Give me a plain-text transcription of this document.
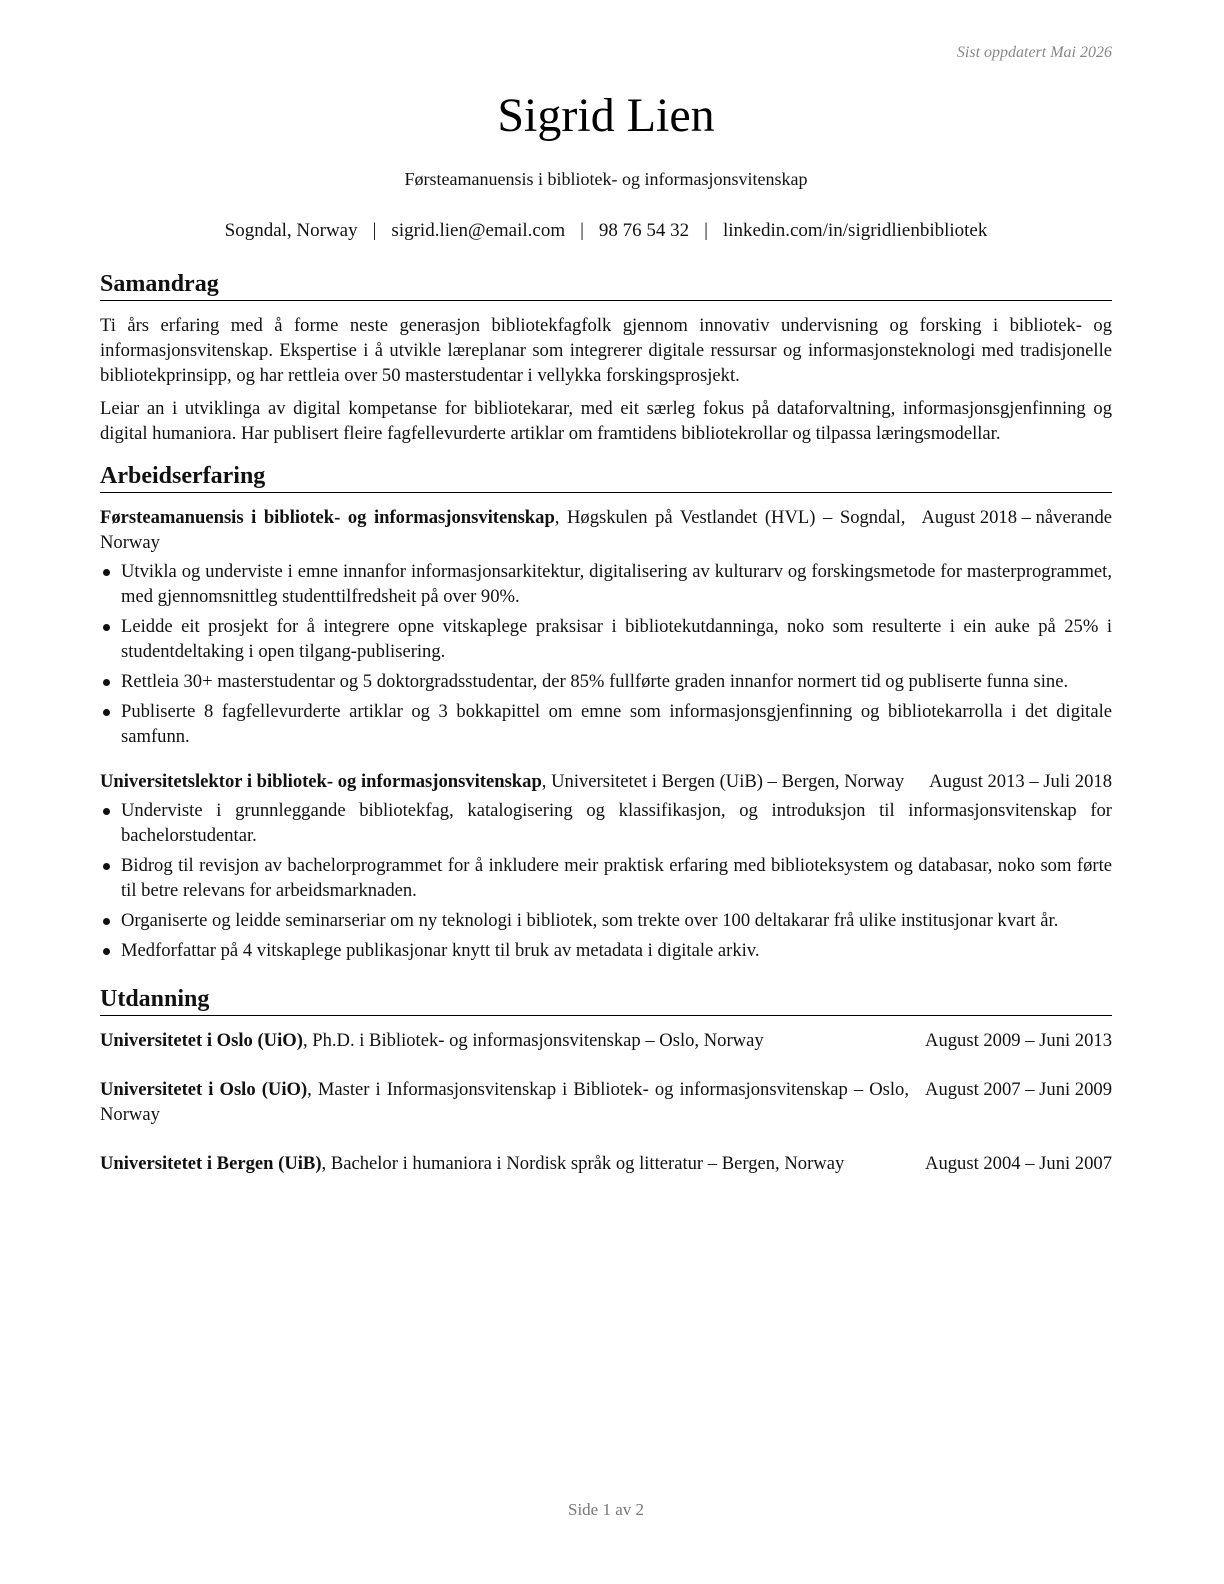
Sist oppdatert Mai 2026
Sigrid Lien
Førsteamanuensis i bibliotek- og informasjonsvitenskap
Sogndal, Norway | sigrid.lien@email.com | 98 76 54 32 | linkedin.com/in/sigridlienbibliotek
Samandrag

Ti års erfaring med å forme neste generasjon bibliotekfagfolk gjennom innovativ undervisning og forsking i bibliotek- og informasjonsvitenskap. Ekspertise i å utvikle læreplanar som integrerer digitale ressursar og informasjonsteknologi med tradisjonelle bibliotekprinsipp, og har rettleia over 50 masterstudentar i vellykka forskingsprosjekt.

Leiar an i utviklinga av digital kompetanse for bibliotekarar, med eit særleg fokus på dataforvaltning, informasjonsgjenfinning og digital humaniora. Har publisert fleire fagfellevurderte artiklar om framtidens bibliotekrollar og tilpassa læringsmodellar.

Arbeidserfaring
Førsteamanuensis i bibliotek- og informasjonsvitenskap, Høgskulen på Vestlandet (HVL) – Sogndal, Norway
August 2018 – nåverande
Utvikla og underviste i emne innanfor informasjonsarkitektur, digitalisering av kulturarv og forskingsmetode for masterprogrammet, med gjennomsnittleg studenttilfredsheit på over 90%.
Leidde eit prosjekt for å integrere opne vitskaplege praksisar i bibliotekutdanninga, noko som resulterte i ein auke på 25% i studentdeltaking i open tilgang-publisering.
Rettleia 30+ masterstudentar og 5 doktorgradsstudentar, der 85% fullførte graden innanfor normert tid og publiserte funna sine.
Publiserte 8 fagfellevurderte artiklar og 3 bokkapittel om emne som informasjonsgjenfinning og bibliotekarrolla i det digitale samfunn.
Universitetslektor i bibliotek- og informasjonsvitenskap, Universitetet i Bergen (UiB) – Bergen, Norway	August 2013 – Juli 2018
Underviste i grunnleggande bibliotekfag, katalogisering og klassifikasjon, og introduksjon til informasjonsvitenskap for bachelorstudentar.
Bidrog til revisjon av bachelorprogrammet for å inkludere meir praktisk erfaring med biblioteksystem og databasar, noko som førte til betre relevans for arbeidsmarknaden.
Organiserte og leidde seminarseriar om ny teknologi i bibliotek, som trekte over 100 deltakarar frå ulike institusjonar kvart år.
Medforfattar på 4 vitskaplege publikasjonar knytt til bruk av metadata i digitale arkiv.
Utdanning
Universitetet i Oslo (UiO), Ph.D. i Bibliotek- og informasjonsvitenskap – Oslo, Norway	August 2009 – Juni 2013
Universitetet i Oslo (UiO), Master i Informasjonsvitenskap i Bibliotek- og informasjonsvitenskap – Oslo, Norway
August 2007 – Juni 2009
Universitetet i Bergen (UiB), Bachelor i humaniora i Nordisk språk og litteratur – Bergen, Norway	August 2004 – Juni 2007
Side 1 av 2
